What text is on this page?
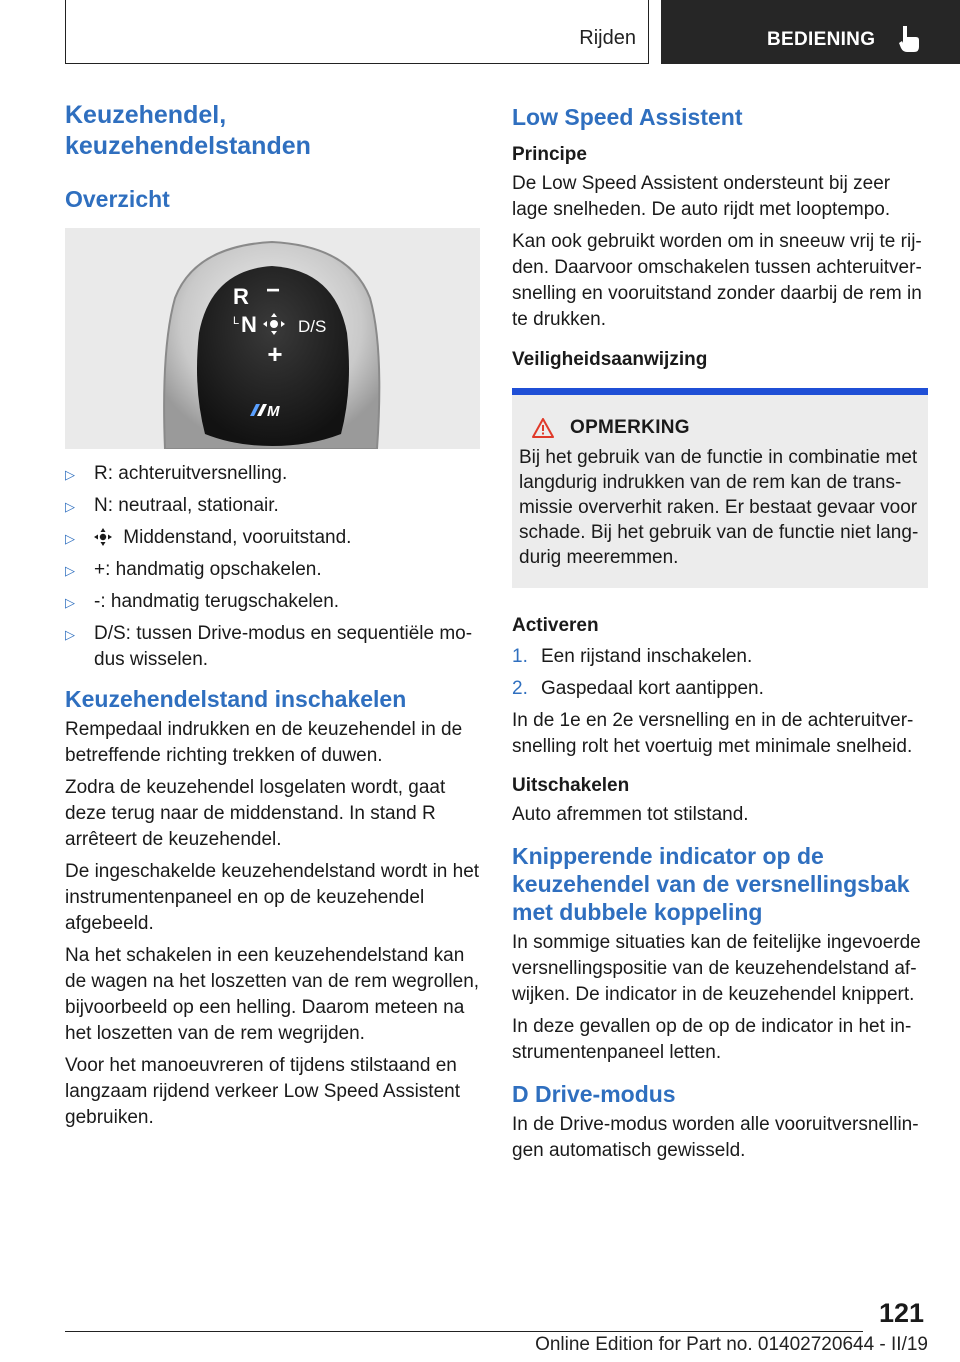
Rijden	BEDIENING
Keuzehendel,
keuzehendelstanden
Overzicht
R −
L N D/S
+
M
▷ R: achteruitversnelling.
▷ N: neutraal, stationair.
▷	Middenstand, vooruitstand.
▷ +: handmatig opschakelen.
▷ -: handmatig terugschakelen.
▷ D/S: tussen Drive-modus en sequentiële modus wisselen.
Keuzehendelstand inschakelen

Rempedaal indrukken en de keuzehendel in de betreffende richting trekken of duwen.

Zodra de keuzehendel losgelaten wordt, gaat deze terug naar de middenstand. In stand R arrêteert de keuzehendel.

De ingeschakelde keuzehendelstand wordt in het instrumentenpaneel en op de keuzehendel afgebeeld.

Na het schakelen in een keuzehendelstand kan de wagen na het loszetten van de rem wegrollen, bijvoorbeeld op een helling. Daarom meteen na het loszetten van de rem wegrijden.

Voor het manoeuvreren of tijdens stilstaand en langzaam rijdend verkeer Low Speed Assistent gebruiken.

Low Speed Assistent
Principe

De Low Speed Assistent ondersteunt bij zeer lage snelheden. De auto rijdt met looptempo.

Kan ook gebruikt worden om in sneeuw vrij te rijden. Daarvoor omschakelen tussen achteruitversnelling en vooruitstand zonder daarbij de rem in te drukken.

Veiligheidsaanwijzing
OPMERKING

Bij het gebruik van de functie in combinatie met langdurig indrukken van de rem kan de transmissie oververhit raken. Er bestaat gevaar voor schade. Bij het gebruik van de functie niet langdurig meeremmen.

Activeren
1. Een rijstand inschakelen.
2. Gaspedaal kort aantippen.

In de 1e en 2e versnelling en in de achteruitversnelling rolt het voertuig met minimale snelheid.

Uitschakelen

Auto afremmen tot stilstand.

Knipperende indicator op de keuzehendel van de versnellingsbak met dubbele koppeling

In sommige situaties kan de feitelijke ingevoerde versnellingspositie van de keuzehendelstand afwijken. De indicator in de keuzehendel knippert.

In deze gevallen op de op de indicator in het instrumentenpaneel letten.

D Drive-modus

In de Drive-modus worden alle vooruitversnellingen automatisch gewisseld.

121
Online Edition for Part no. 01402720644 - II/19
